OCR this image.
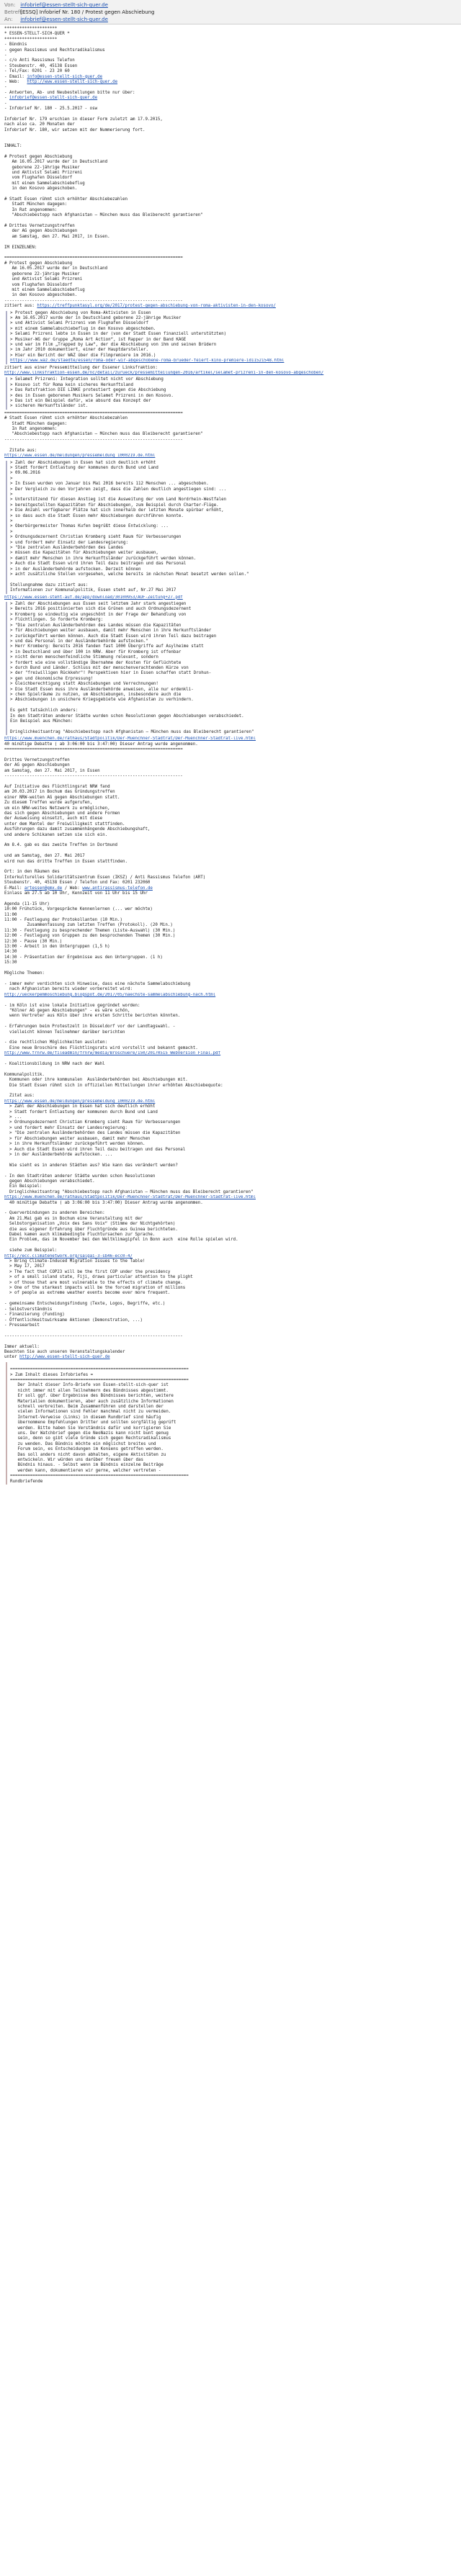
Von: infobrief@essen-stellt-sich-quer.de
Betreff: [ESSQ] Infobrief Nr. 180 / Protest gegen Abschiebung
An: infobrief@essen-stellt-sich-quer.de
*********************
* ESSEN-STELLT-SICH-QUER *
*********************
- Bündnis
- gegen Rassismus und Rechtsradikalismus
-
- c/o Anti Rassismus Telefon
- Steubenstr. 40, 45138 Essen
- Tel/Fax: 0201 - 23 20 60
- Email: info@essen-stellt-sich-quer.de
- Web:   http://www.essen-stellt-sich-quer.de
-
- Antworten, Ab- und Neubestellungen bitte nur über:
- infobrief@essen-stellt-sich-quer.de
-
- Infobrief Nr. 180 - 25.5.2017 - osw

Infobrief Nr. 179 erschien in dieser Form zuletzt am 17.9.2015,
nach also ca. 20 Monaten der
Infobrief Nr. 180, wir setzen mit der Nummerierung fort.

INHALT:

# Protest gegen Abschiebung
Am 16.05.2017 wurde der in Deutschland
geborene 22-jährige Musiker
und Aktivist Selami Prizreni
vom Flughafen Düsseldorf
mit einem Sammelabschiebeflug
in den Kosovo abgeschoben.

# Stadt Essen rühmt sich erhöhter Abschiebezahlen
Stadt München dagegen:
In Rat angenommen:
"Abschiebestopp nach Afghanistan – München muss das Bleiberecht garantieren"

# Drittes Vernetzungstreffen
der AG gegen Abschiebungen
am Samstag, den 27. Mai 2017, in Essen.

IM EINZELNEN:

=======================================================================
# Protest gegen Abschiebung
Am 16.05.2017 wurde der in Deutschland
geborene 22-jährige Musiker
und Aktivist Selami Prizreni
vom Flughafen Düsseldorf
mit einem Sammelabschiebeflug
in den Kosovo abgeschoben.
-----------------------------------------------------------------------
zitiert aus: https://treffpunktasyl.org/de/2017/protest-gegen-abschiebung-von-roma-aktivisten-in-den-kosovo/
> Protest gegen Abschiebung von Roma-Aktivisten in Essen
> Am 16.05.2017 wurde der in Deutschland geborene 22-jährige Musiker
> und Aktivist Selami Prizreni vom Flughafen Düsseldorf
> mit einem Sammelabschiebeflug in den Kosovo abgeschoben.
> Selami Prizreni lebte in Essen in der (von der Stadt Essen finanziell unterstützten)
> Musiker-WG der Gruppe „Roma Art Action“, ist Rapper in der Band KAGE
> und war im Film „Trapped by Law“, der die Abschiebung von ihm und seinen Brüdern
> im Jahr 2010 dokumentiert, einer der Hauptdarsteller.
> Hier ein Bericht der WAZ über die Filmpremiere im 2016.)
https://www.waz.de/staedte/essen/roma-oder-wir-abgeschobene-roma-brueder-feiert-kino-premiere-id11521548.html
zitiert aus einer Pressemitteilung der Essener Linksfraktion:
http://www.linksfraktion-essen.de/nc/detail/zurueck/pressemitteilungen-2016/artikel/selamet-prizreni-in-den-kosovo-abgeschoben/
> Selamet Prizreni: Integration solltet nicht vor Abschiebung
> Kosovo ist für Roma kein sicheres Herkunftsland
> Das Ratsfraktion DIE LINKE protestiert gegen die Abschiebung
> des in Essen geborenen Musikers Selamet Prizreni in den Kosovo.
> Das ist ein Beispiel dafür, wie absurd das Konzept der
> sicheren Herkunftsländer ist.
=======================================================================
# Stadt Essen rühmt sich erhöhter Abschiebezahlen
Stadt München dagegen:
In Rat angenommen:
"Abschiebestopp nach Afghanistan – München muss das Bleiberecht garantieren"
-----------------------------------------------------------------------

Zitate aus:
https://www.essen.de/meldungen/pressemeldung_1000219.de.html
> Zahl der Abschiebungen in Essen hat sich deutlich erhöht
> Stadt fordert Entlastung der kommunen durch Bund und Land
> 09.06.2016
>
> In Essen wurden von Januar bis Mai 2016 bereits 112 Menschen ... abgeschoben.
> Der Vergleich zu den Vorjahren zeigt, dass die Zahlen deutlich angestiegen sind: ...
>
> Unterstützend für diesen Anstieg ist die Ausweitung der vom Land Nordrhein-Westfalen
> bereitgestellten Kapazitäten für Abschiebungen, zum Beispiel durch Charter-Flüge.
> Die Anzahl verfügbarer Plätze hat sich innerhalb der letzten Monate spürbar erhöht,
> so dass auch die Stadt Essen mehr Abschiebungen durchführen konnte.
>
> Oberbürgermeister Thomas Kufen begrüßt diese Entwicklung: ...
>
> Ordnungsdezernent Christian Kromberg sieht Raum für Verbesserungen
> und fordert mehr Einsatz der Landesregierung:
> "Die zentralen Ausländerbehörden des Landes
> müssen die Kapazitäten für Abschiebungen weiter ausbauen,
> damit mehr Menschen in ihre Herkunftsländer zurückgeführt werden können.
> Auch die Stadt Essen wird ihren Teil dazu beitragen und das Personal
> in der Ausländerbehörde aufstocken. Derzeit können
> acht zusätzliche Stellen vorgesehen, welche bereits im nächsten Monat besetzt werden sollen."

Stellungnahme dazu zitiert aus:
Informationen zur Kommunalpolitik, Essen steht auf, Nr.27 Mai 2017
https://www.essen-steht-auf.de/app/download/30100953/AUF-Zeitung+27.pdf
> Zahl der Abschiebungen aus Essen seit letztem Jahr stark angestiegen
> Bereits 2016 positionierten sich die Grünen und auch Ordnungsdezernent
> Kromberg so eindeutig wie ungeschönt in der Frage der Behandlung von
> Flüchtlingen. So forderte Kromberg:
> "Die zentralen Ausländerbehörden des Landes müssen die Kapazitäten
> für Abschiebungen weiter ausbauen, damit mehr Menschen in ihre Herkunftsländer
> zurückgeführt werden können. Auch die Stadt Essen wird ihren Teil dazu beitragen
> und das Personal in der Ausländerbehörde aufstocken."
> Herr Kromberg: Bereits 2016 fanden fast 1000 Übergriffe auf Asylheime statt
> in Deutschland und über 100 in NRW. Aber für Kromberg ist offenbar
> nicht deren menschenfeindliche Stimmung relevant, sondern
> fordert wie eine vollständige Übernahme der Kosten für Geflüchtete
> durch Bund und Länder. Schluss mit der menschenverachtenden Kürze von
> der "freiwilligen Rückkehr"! Perspektiven hier in Essen schaffen statt Drohun-
> gen und ökonomische Erpressung!
> Gleichberechtigung statt Abschiebungen und Verrechnungen!
> Die Stadt Essen muss ihre Ausländerbehörde anweisen, alle nur erdenkli-
> chen Spielräume zu nutzen, um Abschiebungen, insbesondere auch die
> Abschiebungen in unsichere Kriegsgebiete wie Afghanistan zu verhindern.

Es geht tatsächlich anders:
In den Stadträten anderer Städte wurden schon Resolutionen gegen Abschiebungen verabschiedet.
Ein Beispiel aus München:

Dringlichkeitsantrag "Abschiebestopp nach Afghanistan – München muss das Bleiberecht garantieren"
https://www.muenchen.de/rathaus/Stadtpolitik/Der-Muenchner-Stadtrat/Der-Muenchner-Stadtrat-live.html
40 minütige Debatte ( ab 3:06:00 bis 3:47:00) Dieser Antrag wurde angenommen.
=======================================================================

Drittes Vernetzungstreffen
der AG gegen Abschiebungen
am Samstag, den 27. Mai 2017, in Essen
-----------------------------------------------------------------------

Auf Initiative des Flüchtlingsrat NRW fand
am 20.03.2017 in Bochum das Gründungstreffen
einer NRW-weiten AG gegen Abschiebungen statt.
Zu diesem Treffen wurde aufgerufen,
um ein NRW-weites Netzwerk zu ermöglichen,
das sich gegen Abschiebungen und andere Formen
der Ausweisung einsetzt, auch mit diese
unter dem Mantel der Freiwilligkeit stattfinden.
Ausführungen dazu damit zusammenhängende Abschiebungshaft,
und andere Schikanen setzen sie sich ein.

Am 8.4. gab es das zweite Treffen in Dortmund

und am Samstag, den 27. Mai 2017
wird nun das dritte Treffen in Essen stattfinden.

Ort: in den Räumen des
Interkulturelles Solidaritätszentrum Essen (IKSZ) / Anti Rassismus Telefon (ART)
Steubenstr. 40, 45138 Essen / Telefon und Fax: 0201 232060
E-Mail: artessen@gmx.de / Web: www.antirassismus-telefon.de
Einlass am 27.5 ab 10 Uhr, Kennzeit von 11 Uhr bis 15 Uhr

Agenda (11-15 Uhr)
10:00 Frühstück, Vorgespräche Kennenlernen (... wer möchte)
11:00
11:00 - Festlegung der Protokollanten (10 Min.)
Zusammenfassung zum letzten Treffen (Protokoll). (20 Min.)
11:30 - Festlegung zu besprechender Themen (Liste-Auswahl) (30 Min.)
12:00 - Festlegung von Gruppen zu den besprochenden Themen (30 Min.)
12:30 - Pause (30 Min.)
13:00 - Arbeit in den Untergruppen (1,5 h)
14:30
14:30 - Präsentation der Ergebnisse aus den Untergruppen. (1 h)
15:30

Mögliche Themen:

- immer mehr verdichten sich Hinweise, dass eine nächste Sammelabschiebung
nach Afghanistan bereits wieder vorbereitet wird:
http://ueckerpemmoschiebung.blogspot.de/2017/05/naechste-sammelabschiebung-nach.html

- im Köln ist eine lokale Initiative gegründet worden:
"Kölner AG gegen Abschiebungen" - es wäre schön,
wenn Vertreter aus Köln über ihre ersten Schritte berichten könnten.

- Erfahrungen beim Protestzelt in Düsseldorf vor der Landtagswahl. -
vielleicht können Teilnehmer darüber berichten

- die rechtlichen Möglichkeiten ausloten:
Eine neue Broschüre des Flüchtlingsrats wird vorstellt und bekannt gemacht.
http://www.frnrw.de/fileadmin/frnrw/media/Broschuere/150/20170515_WebVersion_Final.pdf

- Koalitionsbildung in NRW nach der Wahl

Kommunalpolitik.
Kommunen oder ihre kommunalen  Ausländerbehörden bei Abschiebungen mit.
Die Stadt Essen rühmt sich in offiziellen Mitteilungen ihrer erhöhten Abschiebequote:

Zitat aus:
https://www.essen.de/meldungen/pressemeldung_1000219.de.html
> Zahl der Abschiebungen in Essen hat sich deutlich erhöht
> Stadt fordert Entlastung der kommunen durch Bund und Land
> ...
> Ordnungsdezernent Christian Kromberg sieht Raum für Verbesserungen
> und fordert mehr Einsatz der Landesregierung:
> "Die zentralen Ausländerbehörden des Landes müssen die Kapazitäten
> für Abschiebungen weiter ausbauen, damit mehr Menschen
> in ihre Herkunftsländer zurückgeführt werden können.
> Auch die Stadt Essen wird ihren Teil dazu beitragen und das Personal
> in der Ausländerbehörde aufstocken. ...

Wie sieht es in anderen Städten aus? Wie kann das verändert werden?

- In den Stadträten anderer Städte wurden schon Resolutionen
gegen Abschiebungen verabschiedet.
Ein Beispiel:
Dringlichkeitsantrag "Abschiebestopp nach Afghanistan – München muss das Bleiberecht garantieren"
https://www.muenchen.de/rathaus/Stadtpolitik/Der-Muenchner-Stadtrat/Der-Muenchner-Stadtrat-live.html
40 minütige Debatte ( ab 3:06:00 bis 3:47:00) Dieser Antrag wurde angenommen.

- Querverbindungen zu anderen Bereichen:
Am 21.Mai gab es in Bochum eine Veranstaltung mit der
Selbstorganisation „Voix des Sans Voix“ (Stimme der Nichtgehörten)
die aus eigener Erfahrung über Fluchtgründe aus Guinea berichteten.
Dabei kamen auch klimabedingte Fluchtursachen zur Sprache.
Ein Problem, das im November bei den Weltklimagipfel in Bonn auch  eine Rolle spielen wird.

siehe zum Beispiel:
http://ecc.climatenetwork.org/salgai-3-sb46-ecc0-4/
> Bring Climate-Induced Migration Issues to the Table!
> May 17, 2017
> The fact that COP23 will be the first COP under the presidency
> of a small island state, Fiji, draws particular attention to the plight
> of those that are most vulnerable to the effects of climate change.
> One of the starkest impacts will be the forced migration of millions
> of people as extreme weather events become ever more frequent.

- gemeinsame Entscheidungsfindung (Texte, Logos, Begriffe, etc.)
- Selbstverständnis
- Finanzierung (Funding)
- Öffentlichkeitswirksame Aktionen (Demonstration, ...)
- Pressearbeit

-----------------------------------------------------------------------

Immer aktuell:
Beachten Sie auch unseren Veranstaltungskalender
unter http://www.essen-stellt-sich-quer.de

=======================================================================
> Zum Inhalt dieses Infobriefes =
=======================================================================
Der Inhalt dieser Info-Briefe von Essen-stellt-sich-quer ist
nicht immer mit allen Teilnehmern des Bündnisses abgestimmt.
Er soll ggf. über Ergebnisse des Bündnisses berichten, weitere
Materialien dokumentieren, aber auch zusätzliche Informationen
schnell verbreiten. Beim Zusammenführen und darstellen der
vielen Informationen sind Fehler manchmal nicht zu vermeiden.
Internet-Verweise (Links) in diesem Rundbrief sind häufig
übernommene Empfehlungen Dritter und sollten sorgfältig geprüft
werden. Bitte haben Sie Verständnis dafür und korrigieren Sie
uns. Der Watchbrief gegen die NeoNazis kann nicht bunt genug
sein, denn so gibt viele Gründe sich gegen Rechtsradikalismus
zu wenden. Das Bündnis möchte ein möglichst breites und
Forum sein, es Entscheidungen im Konsens getroffen werden.
Das soll anders nicht davon abhalten, eigene Aktivitäten zu
entwickeln. Wir würden uns darüber freuen über das
Bündnis hinaus. - Selbst wenn im Bündnis einzelne Beiträge
werden kann, dokumentieren wir gerne, welcher vertreten -
=======================================================================
Rundbriefende
